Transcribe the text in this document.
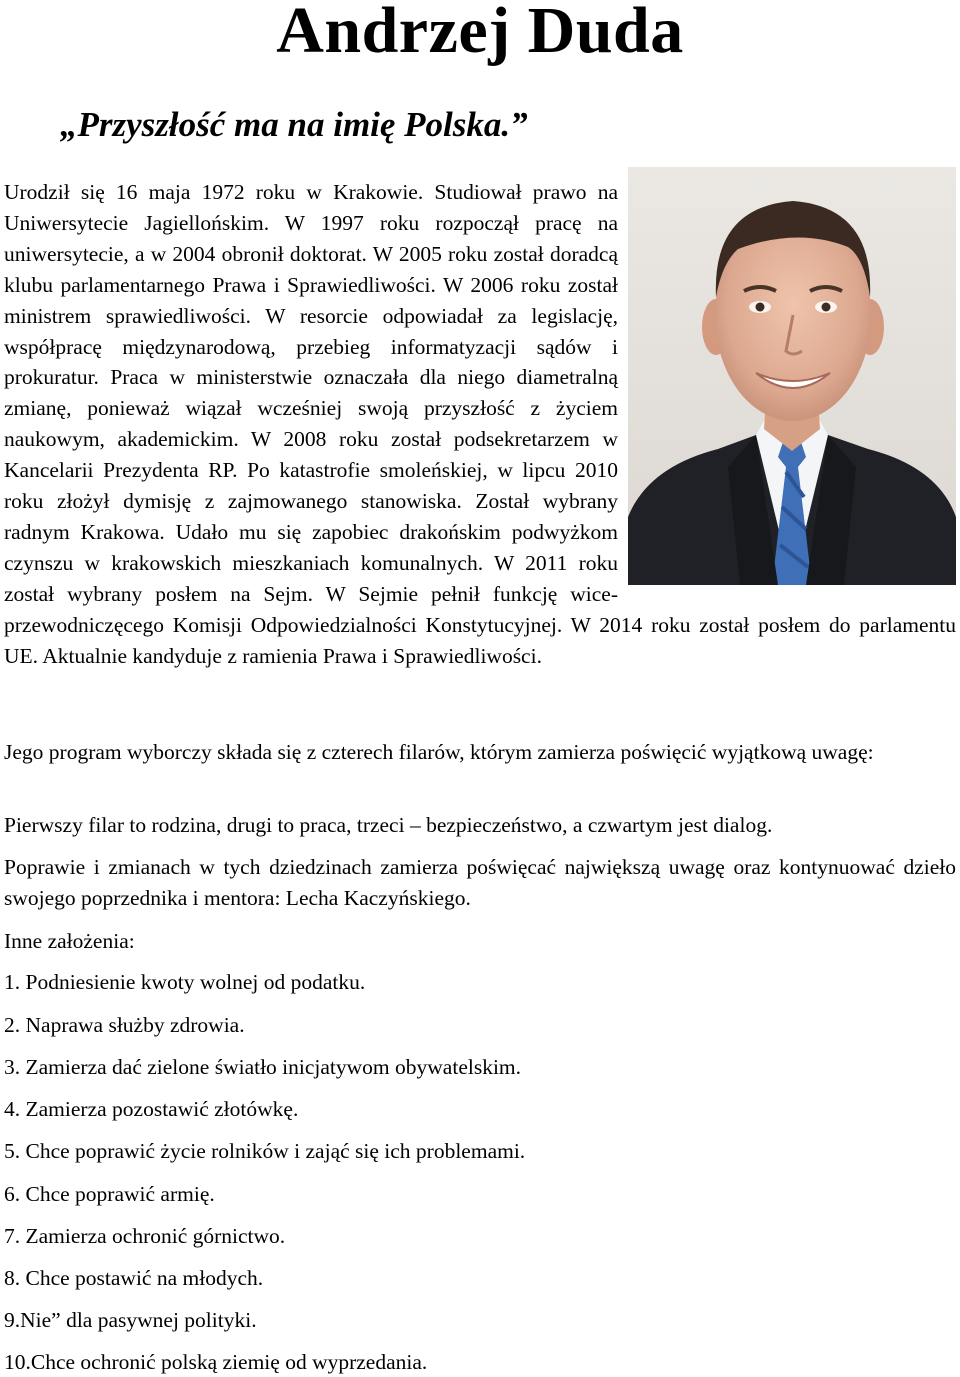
Andrzej Duda

„Przyszłość ma na imię Polska.”

Urodził się 16 maja 1972 roku w Krakowie. Studiował prawo na Uniwersytecie Jagiellońskim. W 1997 roku rozpoczął pracę na uniwersytecie, a w 2004 obronił doktorat. W 2005 roku został doradcą klubu parlamentarnego Prawa i Sprawiedliwości. W 2006 roku został ministrem sprawiedliwości. W resorcie odpowiadał za legislację, współpracę międzynarodową, przebieg informatyzacji sądów i prokuratur. Praca w ministerstwie oznaczała dla niego diametralną zmianę, ponieważ wiązał wcześniej swoją przyszłość z życiem naukowym, akademickim. W 2008 roku został podsekretarzem w Kancelarii Prezydenta RP. Po katastrofie smoleńskiej, w lipcu 2010 roku złożył dymisję z zajmowanego stanowiska. Został wybrany radnym Krakowa. Udało mu się zapobiec drakońskim podwyżkom czynszu w krakowskich mieszkaniach komunalnych. W 2011 roku został wybrany posłem na Sejm. W Sejmie pełnił funkcję wice-przewodniczęcego Komisji Odpowiedzialności Konstytucyjnej. W 2014 roku został posłem do parlamentu UE. Aktualnie kandyduje z ramienia Prawa i Sprawiedliwości.

Jego program wyborczy składa się z czterech filarów, którym zamierza poświęcić wyjątkową uwagę:

Pierwszy filar to rodzina, drugi to praca, trzeci – bezpieczeństwo, a czwartym jest dialog.

Poprawie i zmianach w tych dziedzinach zamierza poświęcać największą uwagę oraz kontynuować dzieło swojego poprzednika i mentora: Lecha Kaczyńskiego.

Inne założenia:

1. Podniesienie kwoty wolnej od podatku.

2. Naprawa służby zdrowia.

3. Zamierza dać zielone światło inicjatywom obywatelskim.

4. Zamierza pozostawić złotówkę.

5. Chce poprawić życie rolników i zająć się ich problemami.

6. Chce poprawić armię.

7. Zamierza ochronić górnictwo.

8. Chce postawić na młodych.

9.Nie” dla pasywnej polityki.

10.Chce ochronić polską ziemię od wyprzedania.
